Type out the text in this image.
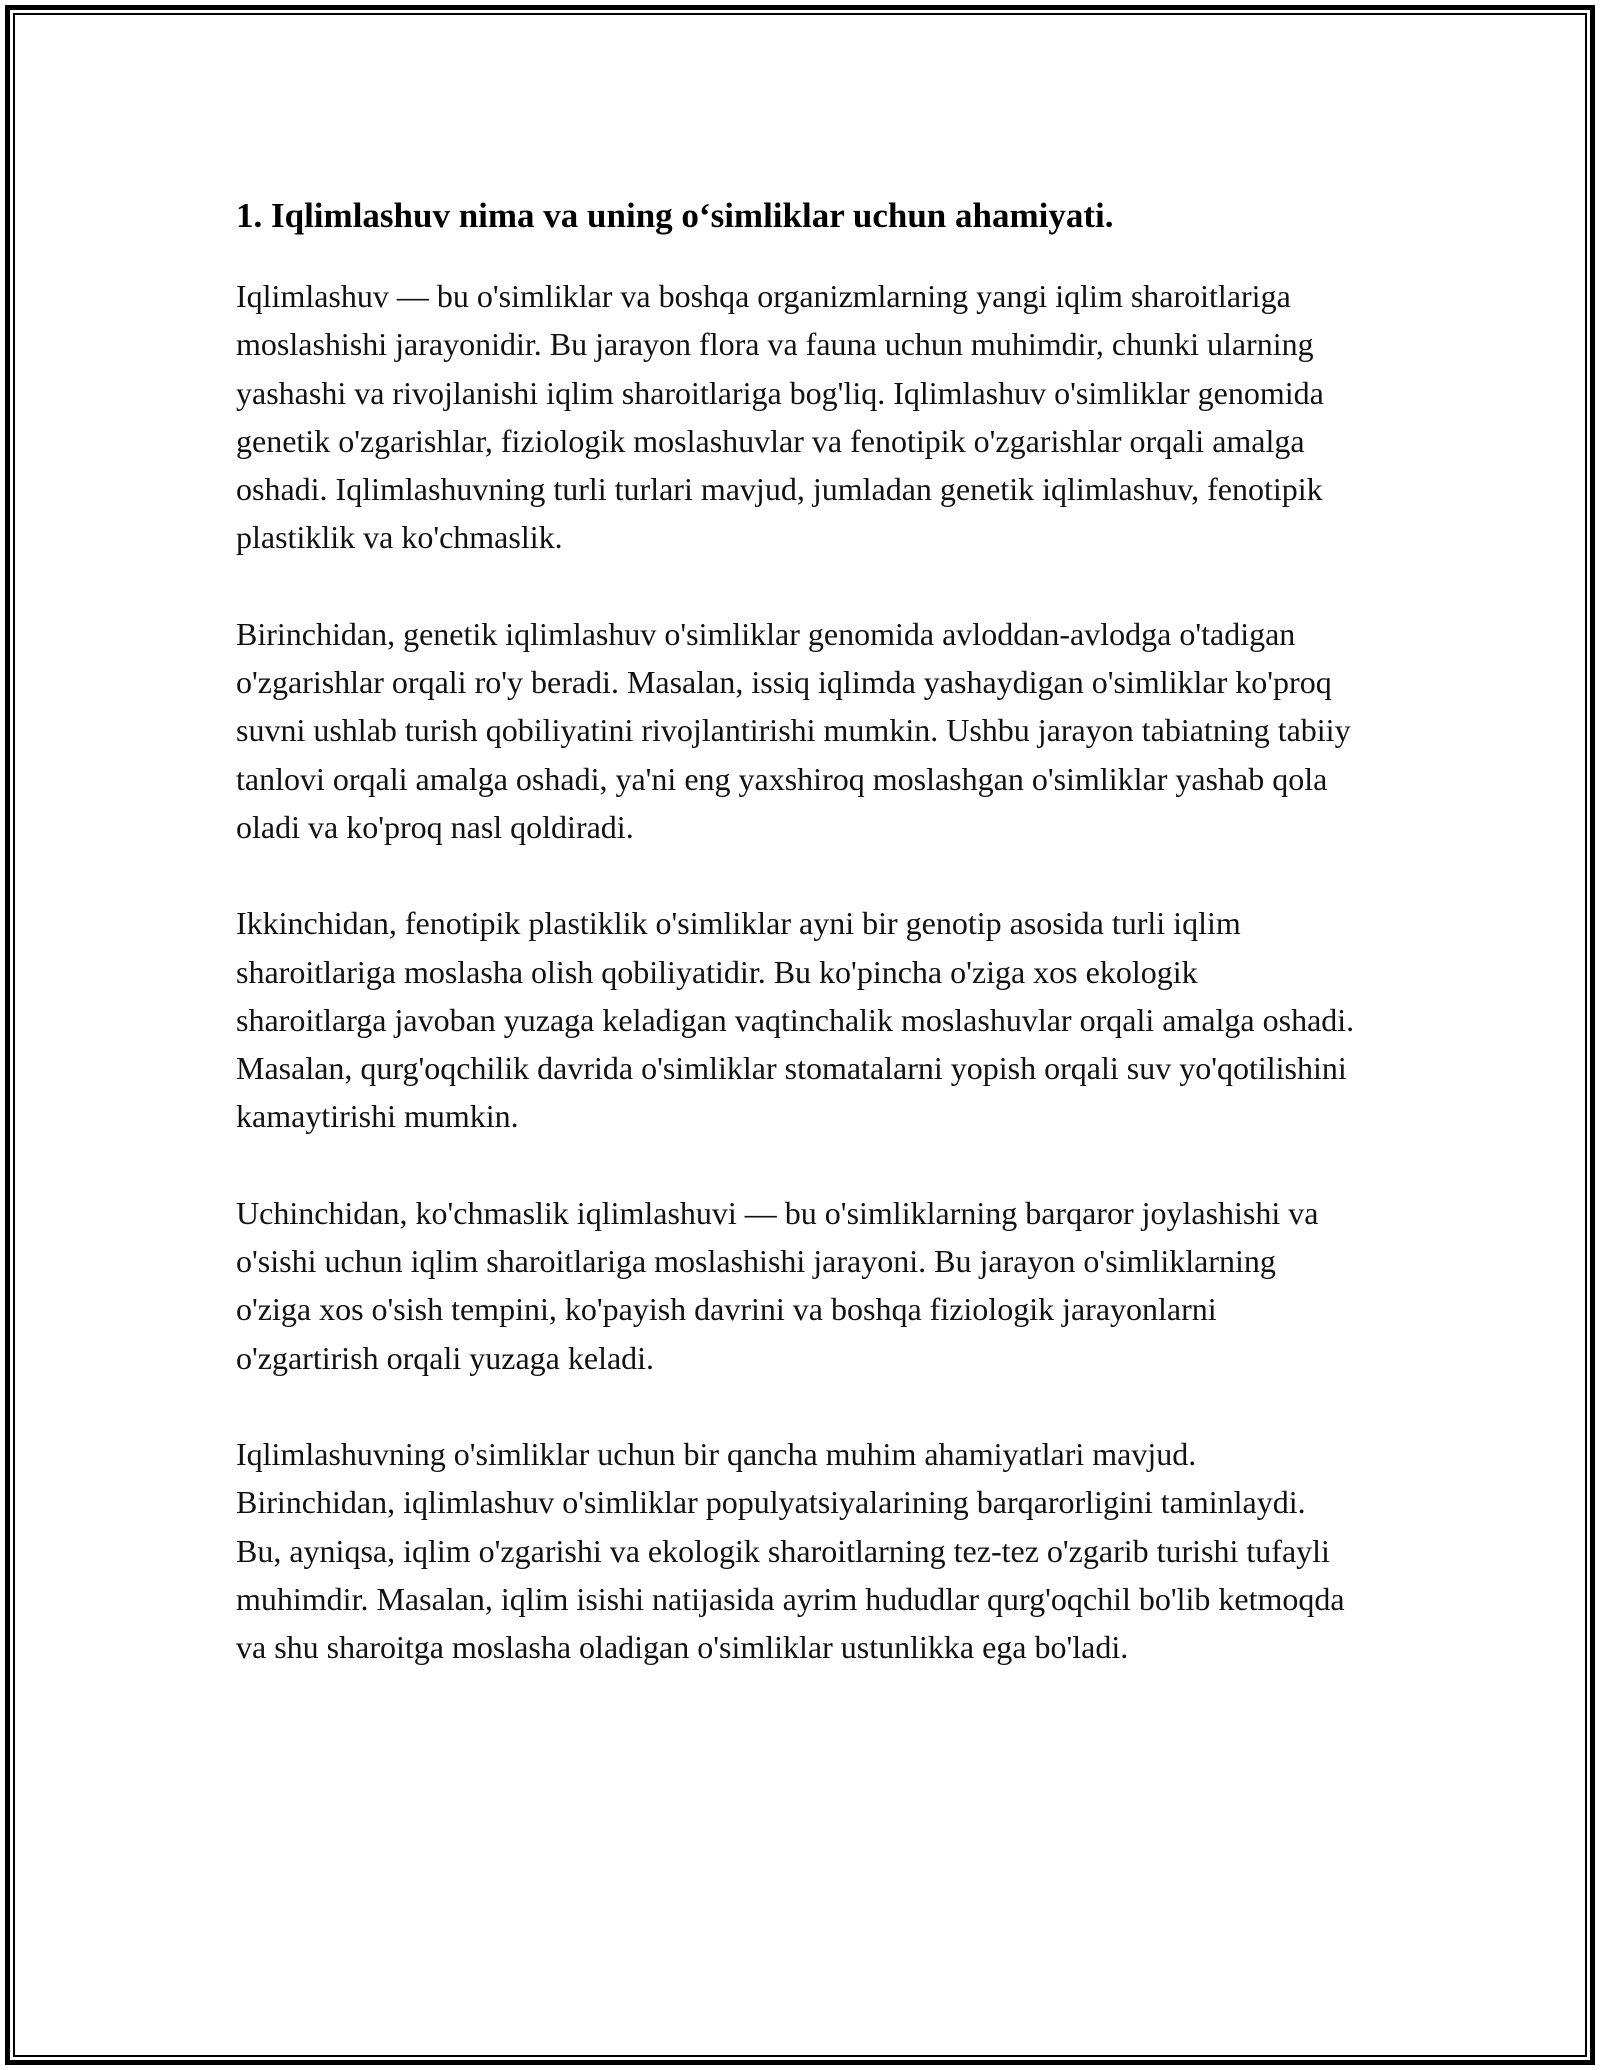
1. Iqlimlashuv nima va uning o‘simliklar uchun ahamiyati.

Iqlimlashuv — bu o'simliklar va boshqa organizmlarning yangi iqlim sharoitlariga moslashishi jarayonidir. Bu jarayon flora va fauna uchun muhimdir, chunki ularning yashashi va rivojlanishi iqlim sharoitlariga bog'liq. Iqlimlashuv o'simliklar genomida genetik o'zgarishlar, fiziologik moslashuvlar va fenotipik o'zgarishlar orqali amalga oshadi. Iqlimlashuvning turli turlari mavjud, jumladan genetik iqlimlashuv, fenotipik plastiklik va ko'chmaslik.

Birinchidan, genetik iqlimlashuv o'simliklar genomida avloddan-avlodga o'tadigan o'zgarishlar orqali ro'y beradi. Masalan, issiq iqlimda yashaydigan o'simliklar ko'proq suvni ushlab turish qobiliyatini rivojlantirishi mumkin. Ushbu jarayon tabiatning tabiiy tanlovi orqali amalga oshadi, ya'ni eng yaxshiroq moslashgan o'simliklar yashab qola oladi va ko'proq nasl qoldiradi.

Ikkinchidan, fenotipik plastiklik o'simliklar ayni bir genotip asosida turli iqlim sharoitlariga moslasha olish qobiliyatidir. Bu ko'pincha o'ziga xos ekologik sharoitlarga javoban yuzaga keladigan vaqtinchalik moslashuvlar orqali amalga oshadi. Masalan, qurg'oqchilik davrida o'simliklar stomatalarni yopish orqali suv yo'qotilishini kamaytirishi mumkin.

Uchinchidan, ko'chmaslik iqlimlashuvi — bu o'simliklarning barqaror joylashishi va o'sishi uchun iqlim sharoitlariga moslashishi jarayoni. Bu jarayon o'simliklarning o'ziga xos o'sish tempini, ko'payish davrini va boshqa fiziologik jarayonlarni o'zgartirish orqali yuzaga keladi.

Iqlimlashuvning o'simliklar uchun bir qancha muhim ahamiyatlari mavjud. Birinchidan, iqlimlashuv o'simliklar populyatsiyalarining barqarorligini taminlaydi. Bu, ayniqsa, iqlim o'zgarishi va ekologik sharoitlarning tez-tez o'zgarib turishi tufayli muhimdir. Masalan, iqlim isishi natijasida ayrim hududlar qurg'oqchil bo'lib ketmoqda va shu sharoitga moslasha oladigan o'simliklar ustunlikka ega bo'ladi.
